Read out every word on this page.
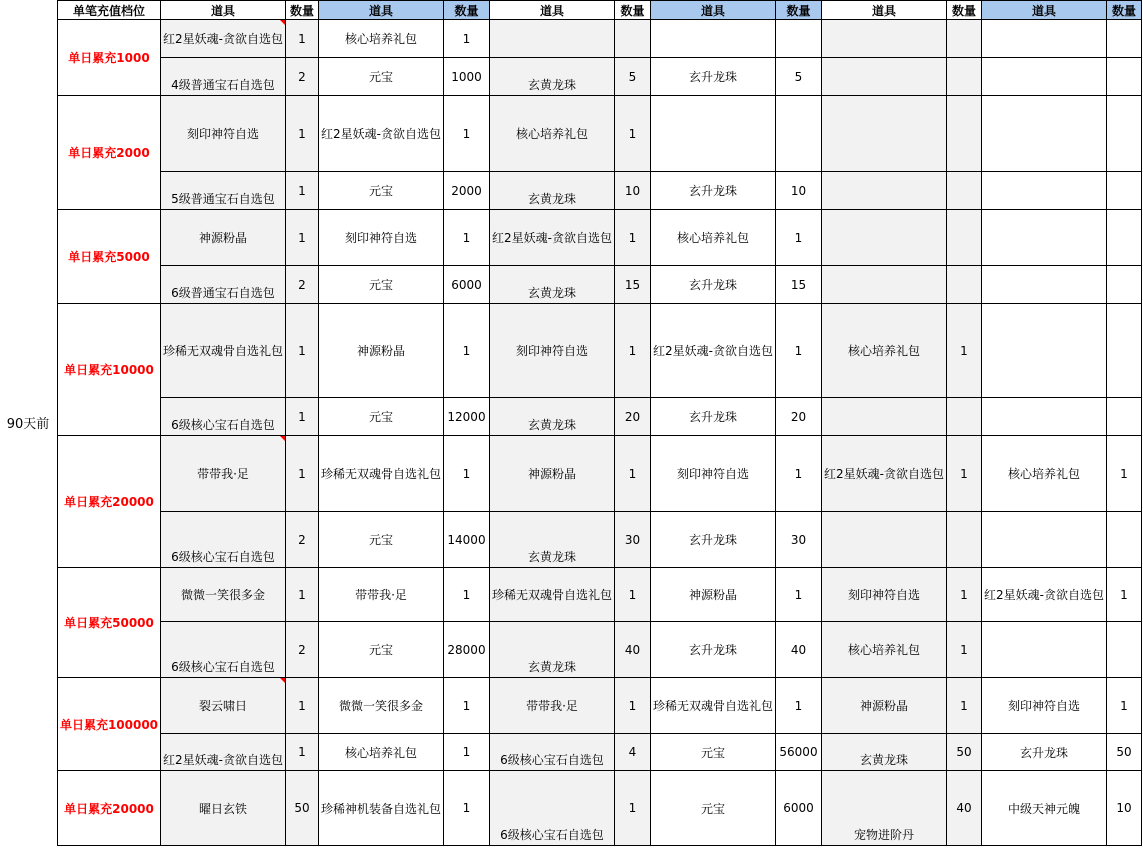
90天前
单笔充值档位	道具	数量	道具	数量	道具	数量	道具	数量	道具	数量	道具	数量
单日累充1000	红2星妖魂-贪欲自选包	1	核心培养礼包	1								
	4级普通宝石自选包	2	元宝	1000	玄黄龙珠	5	玄升龙珠	5				
单日累充2000	刻印神符自选	1	红2星妖魂-贪欲自选包	1	核心培养礼包	1						
	5级普通宝石自选包	1	元宝	2000	玄黄龙珠	10	玄升龙珠	10				
单日累充5000	神源粉晶	1	刻印神符自选	1	红2星妖魂-贪欲自选包	1	核心培养礼包	1				
	6级普通宝石自选包	2	元宝	6000	玄黄龙珠	15	玄升龙珠	15				
单日累充10000	珍稀无双魂骨自选礼包	1	神源粉晶	1	刻印神符自选	1	红2星妖魂-贪欲自选包	1	核心培养礼包	1		
	6级核心宝石自选包	1	元宝	12000	玄黄龙珠	20	玄升龙珠	20				
单日累充20000	带带我·足	1	珍稀无双魂骨自选礼包	1	神源粉晶	1	刻印神符自选	1	红2星妖魂-贪欲自选包	1	核心培养礼包	1
	6级核心宝石自选包	2	元宝	14000	玄黄龙珠	30	玄升龙珠	30				
单日累充50000	微微一笑很多金	1	带带我·足	1	珍稀无双魂骨自选礼包	1	神源粉晶	1	刻印神符自选	1	红2星妖魂-贪欲自选包	1
	6级核心宝石自选包	2	元宝	28000	玄黄龙珠	40	玄升龙珠	40	核心培养礼包	1		
单日累充100000	裂云啸日	1	微微一笑很多金	1	带带我·足	1	珍稀无双魂骨自选礼包	1	神源粉晶	1	刻印神符自选	1
	红2星妖魂-贪欲自选包	1	核心培养礼包	1	6级核心宝石自选包	4	元宝	56000	玄黄龙珠	50	玄升龙珠	50
单日累充20000	曜日玄铁	50	珍稀神机装备自选礼包	1	6级核心宝石自选包	1	元宝	6000	宠物进阶丹	40	中级天神元魄	10
